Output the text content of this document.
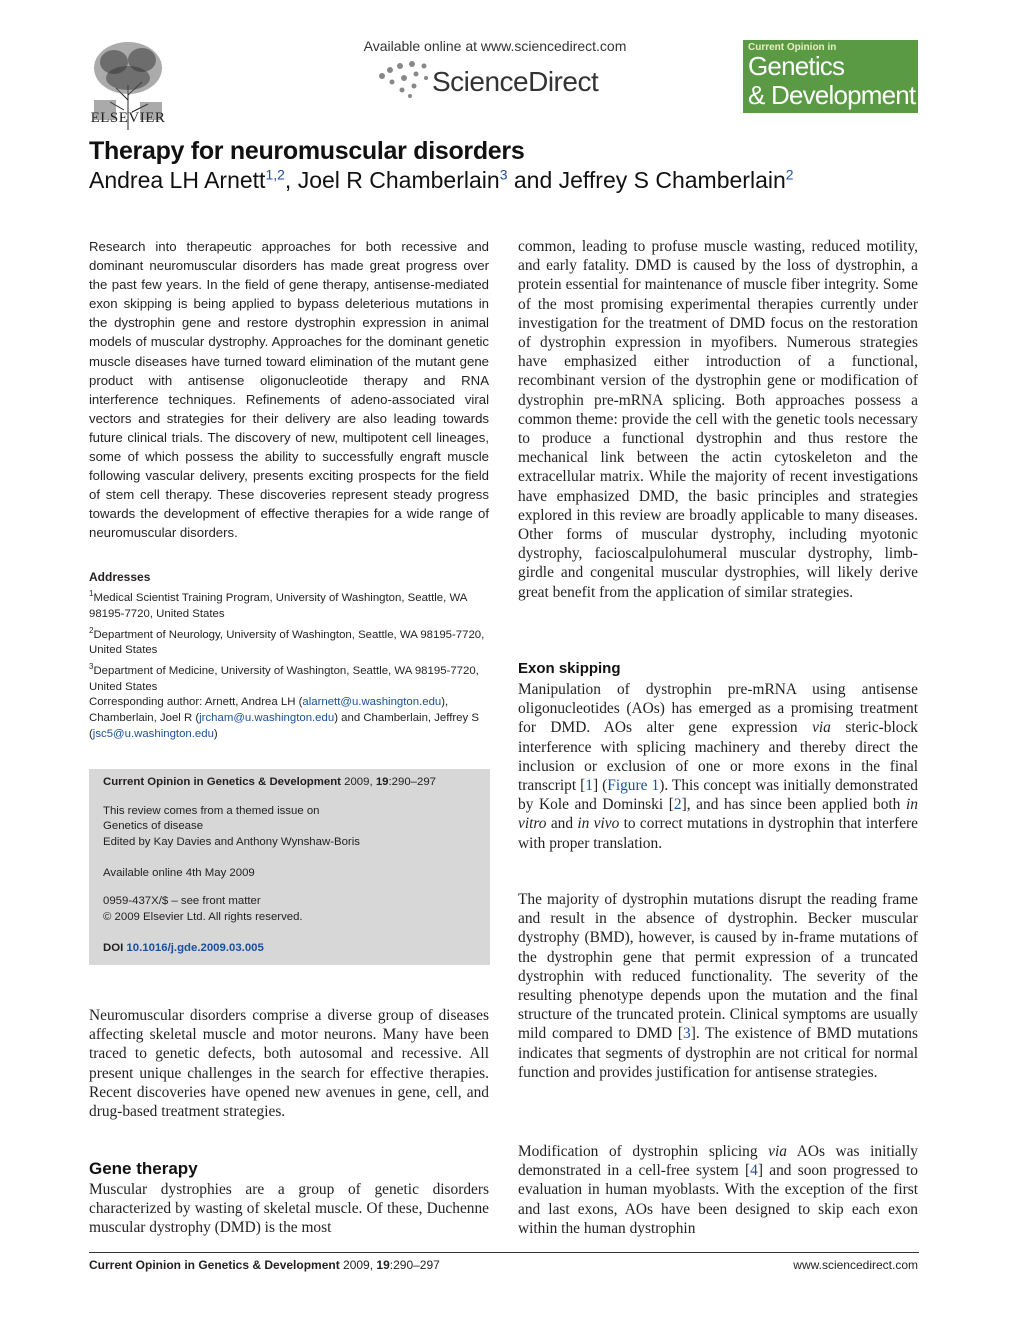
ELSEVIER
Available online at www.sciencedirect.com
ScienceDirect
Current Opinion in
Genetics
& Development
Therapy for neuromuscular disorders
Andrea LH Arnett$^{1,2}$, Joel R Chamberlain$^3$ and Jeffrey S Chamberlain$^2$
Research into therapeutic approaches for both recessive and dominant neuromuscular disorders has made great progress over the past few years. In the field of gene therapy, antisense-mediated exon skipping is being applied to bypass deleterious mutations in the dystrophin gene and restore dystrophin expression in animal models of muscular dystrophy. Approaches for the dominant genetic muscle diseases have turned toward elimination of the mutant gene product with antisense oligonucleotide therapy and RNA interference techniques. Refinements of adeno-associated viral vectors and strategies for their delivery are also leading towards future clinical trials. The discovery of new, multipotent cell lineages, some of which possess the ability to successfully engraft muscle following vascular delivery, presents exciting prospects for the field of stem cell therapy. These discoveries represent steady progress towards the development of effective therapies for a wide range of neuromuscular disorders.
Addresses
$^1$Medical Scientist Training Program, University of Washington, Seattle, WA 98195-7720, United States
$^2$Department of Neurology, University of Washington, Seattle, WA 98195-7720, United States
$^3$Department of Medicine, University of Washington, Seattle, WA 98195-7720, United States
Corresponding author: Arnett, Andrea LH (alarnett@u.washington.edu), Chamberlain, Joel R (jrcham@u.washington.edu) and Chamberlain, Jeffrey S (jsc5@u.washington.edu)
Current Opinion in Genetics & Development 2009, 19:290–297
This review comes from a themed issue on
Genetics of disease
Edited by Kay Davies and Anthony Wynshaw-Boris
Available online 4th May 2009
0959-437X/$ – see front matter
© 2009 Elsevier Ltd. All rights reserved.
DOI 10.1016/j.gde.2009.03.005
Neuromuscular disorders comprise a diverse group of diseases affecting skeletal muscle and motor neurons. Many have been traced to genetic defects, both autosomal and recessive. All present unique challenges in the search for effective therapies. Recent discoveries have opened new avenues in gene, cell, and drug-based treatment strategies.
Gene therapy
Muscular dystrophies are a group of genetic disorders characterized by wasting of skeletal muscle. Of these, Duchenne muscular dystrophy (DMD) is the most
common, leading to profuse muscle wasting, reduced motility, and early fatality. DMD is caused by the loss of dystrophin, a protein essential for maintenance of muscle fiber integrity. Some of the most promising experimental therapies currently under investigation for the treatment of DMD focus on the restoration of dystrophin expression in myofibers. Numerous strategies have emphasized either introduction of a functional, recombinant version of the dystrophin gene or modification of dystrophin pre-mRNA splicing. Both approaches possess a common theme: provide the cell with the genetic tools necessary to produce a functional dystrophin and thus restore the mechanical link between the actin cytoskeleton and the extracellular matrix. While the majority of recent investigations have emphasized DMD, the basic principles and strategies explored in this review are broadly applicable to many diseases. Other forms of muscular dystrophy, including myotonic dystrophy, facioscalpulohumeral muscular dystrophy, limb-girdle and congenital muscular dystrophies, will likely derive great benefit from the application of similar strategies.
Exon skipping
Manipulation of dystrophin pre-mRNA using antisense oligonucleotides (AOs) has emerged as a promising treatment for DMD. AOs alter gene expression via steric-block interference with splicing machinery and thereby direct the inclusion or exclusion of one or more exons in the final transcript [1] (Figure 1). This concept was initially demonstrated by Kole and Dominski [2], and has since been applied both in vitro and in vivo to correct mutations in dystrophin that interfere with proper translation.
The majority of dystrophin mutations disrupt the reading frame and result in the absence of dystrophin. Becker muscular dystrophy (BMD), however, is caused by in-frame mutations of the dystrophin gene that permit expression of a truncated dystrophin with reduced functionality. The severity of the resulting phenotype depends upon the mutation and the final structure of the truncated protein. Clinical symptoms are usually mild compared to DMD [3]. The existence of BMD mutations indicates that segments of dystrophin are not critical for normal function and provides justification for antisense strategies.
Modification of dystrophin splicing via AOs was initially demonstrated in a cell-free system [4] and soon progressed to evaluation in human myoblasts. With the exception of the first and last exons, AOs have been designed to skip each exon within the human dystrophin
Current Opinion in Genetics & Development 2009, 19:290–297	www.sciencedirect.com
